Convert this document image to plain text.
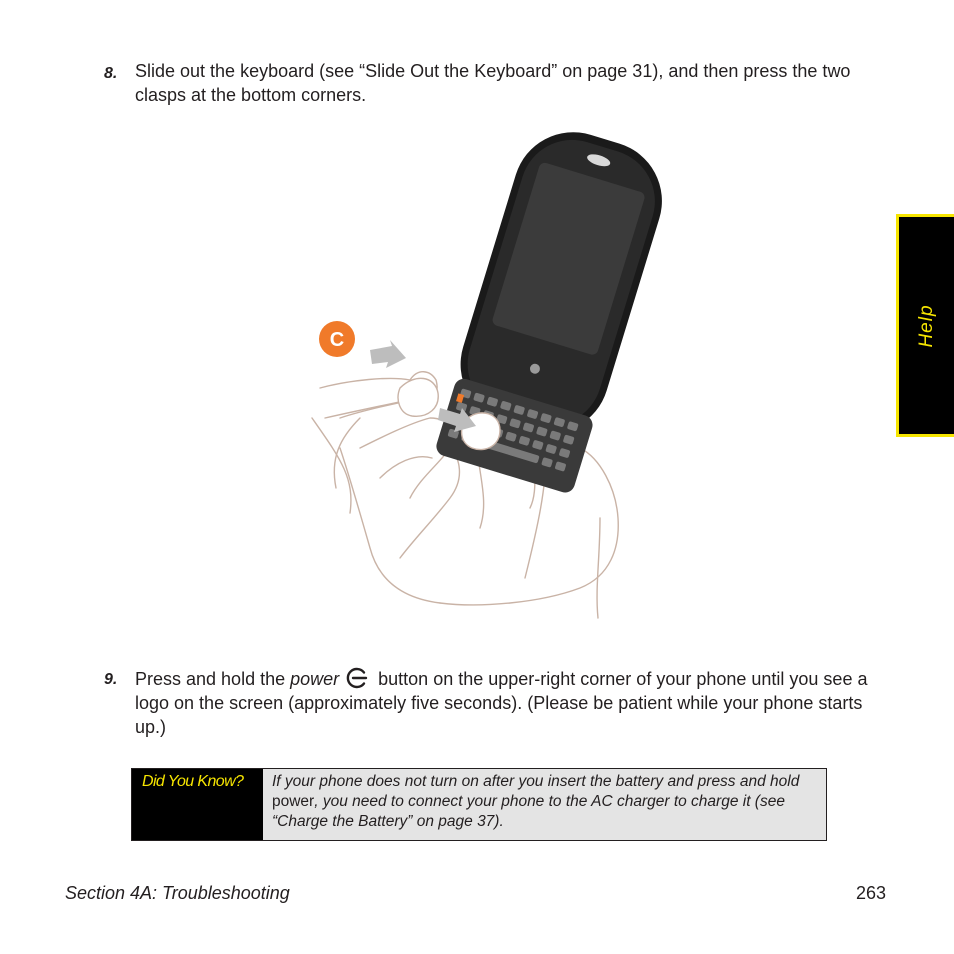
8. Slide out the keyboard (see “Slide Out the Keyboard” on page 31), and then press the two clasps at the bottom corners.
C
9. Press and hold the power button on the upper-right corner of your phone until you see a logo on the screen (approximately five seconds). (Please be patient while your phone starts up.)
Help
Did You Know?	If your phone does not turn on after you insert the battery and press and hold power, you need to connect your phone to the AC charger to charge it (see “Charge the Battery” on page 37).
Section 4A: Troubleshooting	263
